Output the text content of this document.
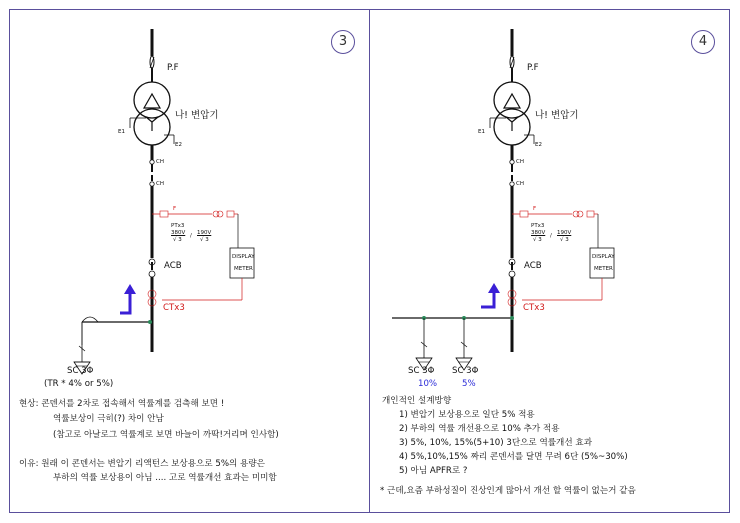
3
P.F
나! 변압기
E1
E2
CH
CH
F
PTx3
380V
√ 3
/ 190V
√ 3
DISPLAY
METER
ACB
CTx3
SC 3Φ
(TR * 4% or 5%)
현상: 콘덴서를 2차로 접속해서 역률계를 검측해 보면 !
역률보상이 극히(?) 차이 안남
(참고로 아날로그 역률계로 보면 바늘이 까딱!거리며 인사함)
이유: 원래 이 콘덴서는 변압기 리액턴스 보상용으로 5%의 용량은
부하의 역률 보상용이 아님 .... 고로 역률개선 효과는 미미함
4
P.F
나! 변압기
E1
E2
CH
CH
F
PTx3
380V
√ 3
/ 190V
√ 3
DISPLAY
METER
ACB
CTx3
SC 3Φ
10%
SC 3Φ
5%
개인적인 설계방향
1) 변압기 보상용으로 일단 5% 적용
2) 부하의 역률 개선용으로 10% 추가 적용
3) 5%, 10%, 15%(5+10) 3단으로 역률개선 효과
4) 5%,10%,15% 짜리 콘덴서를 달면 무려 6단 (5%~30%)
5) 아님 APFR로 ?
* 근데,요즘 부하성질이 진상인게 많아서 개선 할 역률이 없는거 같음
